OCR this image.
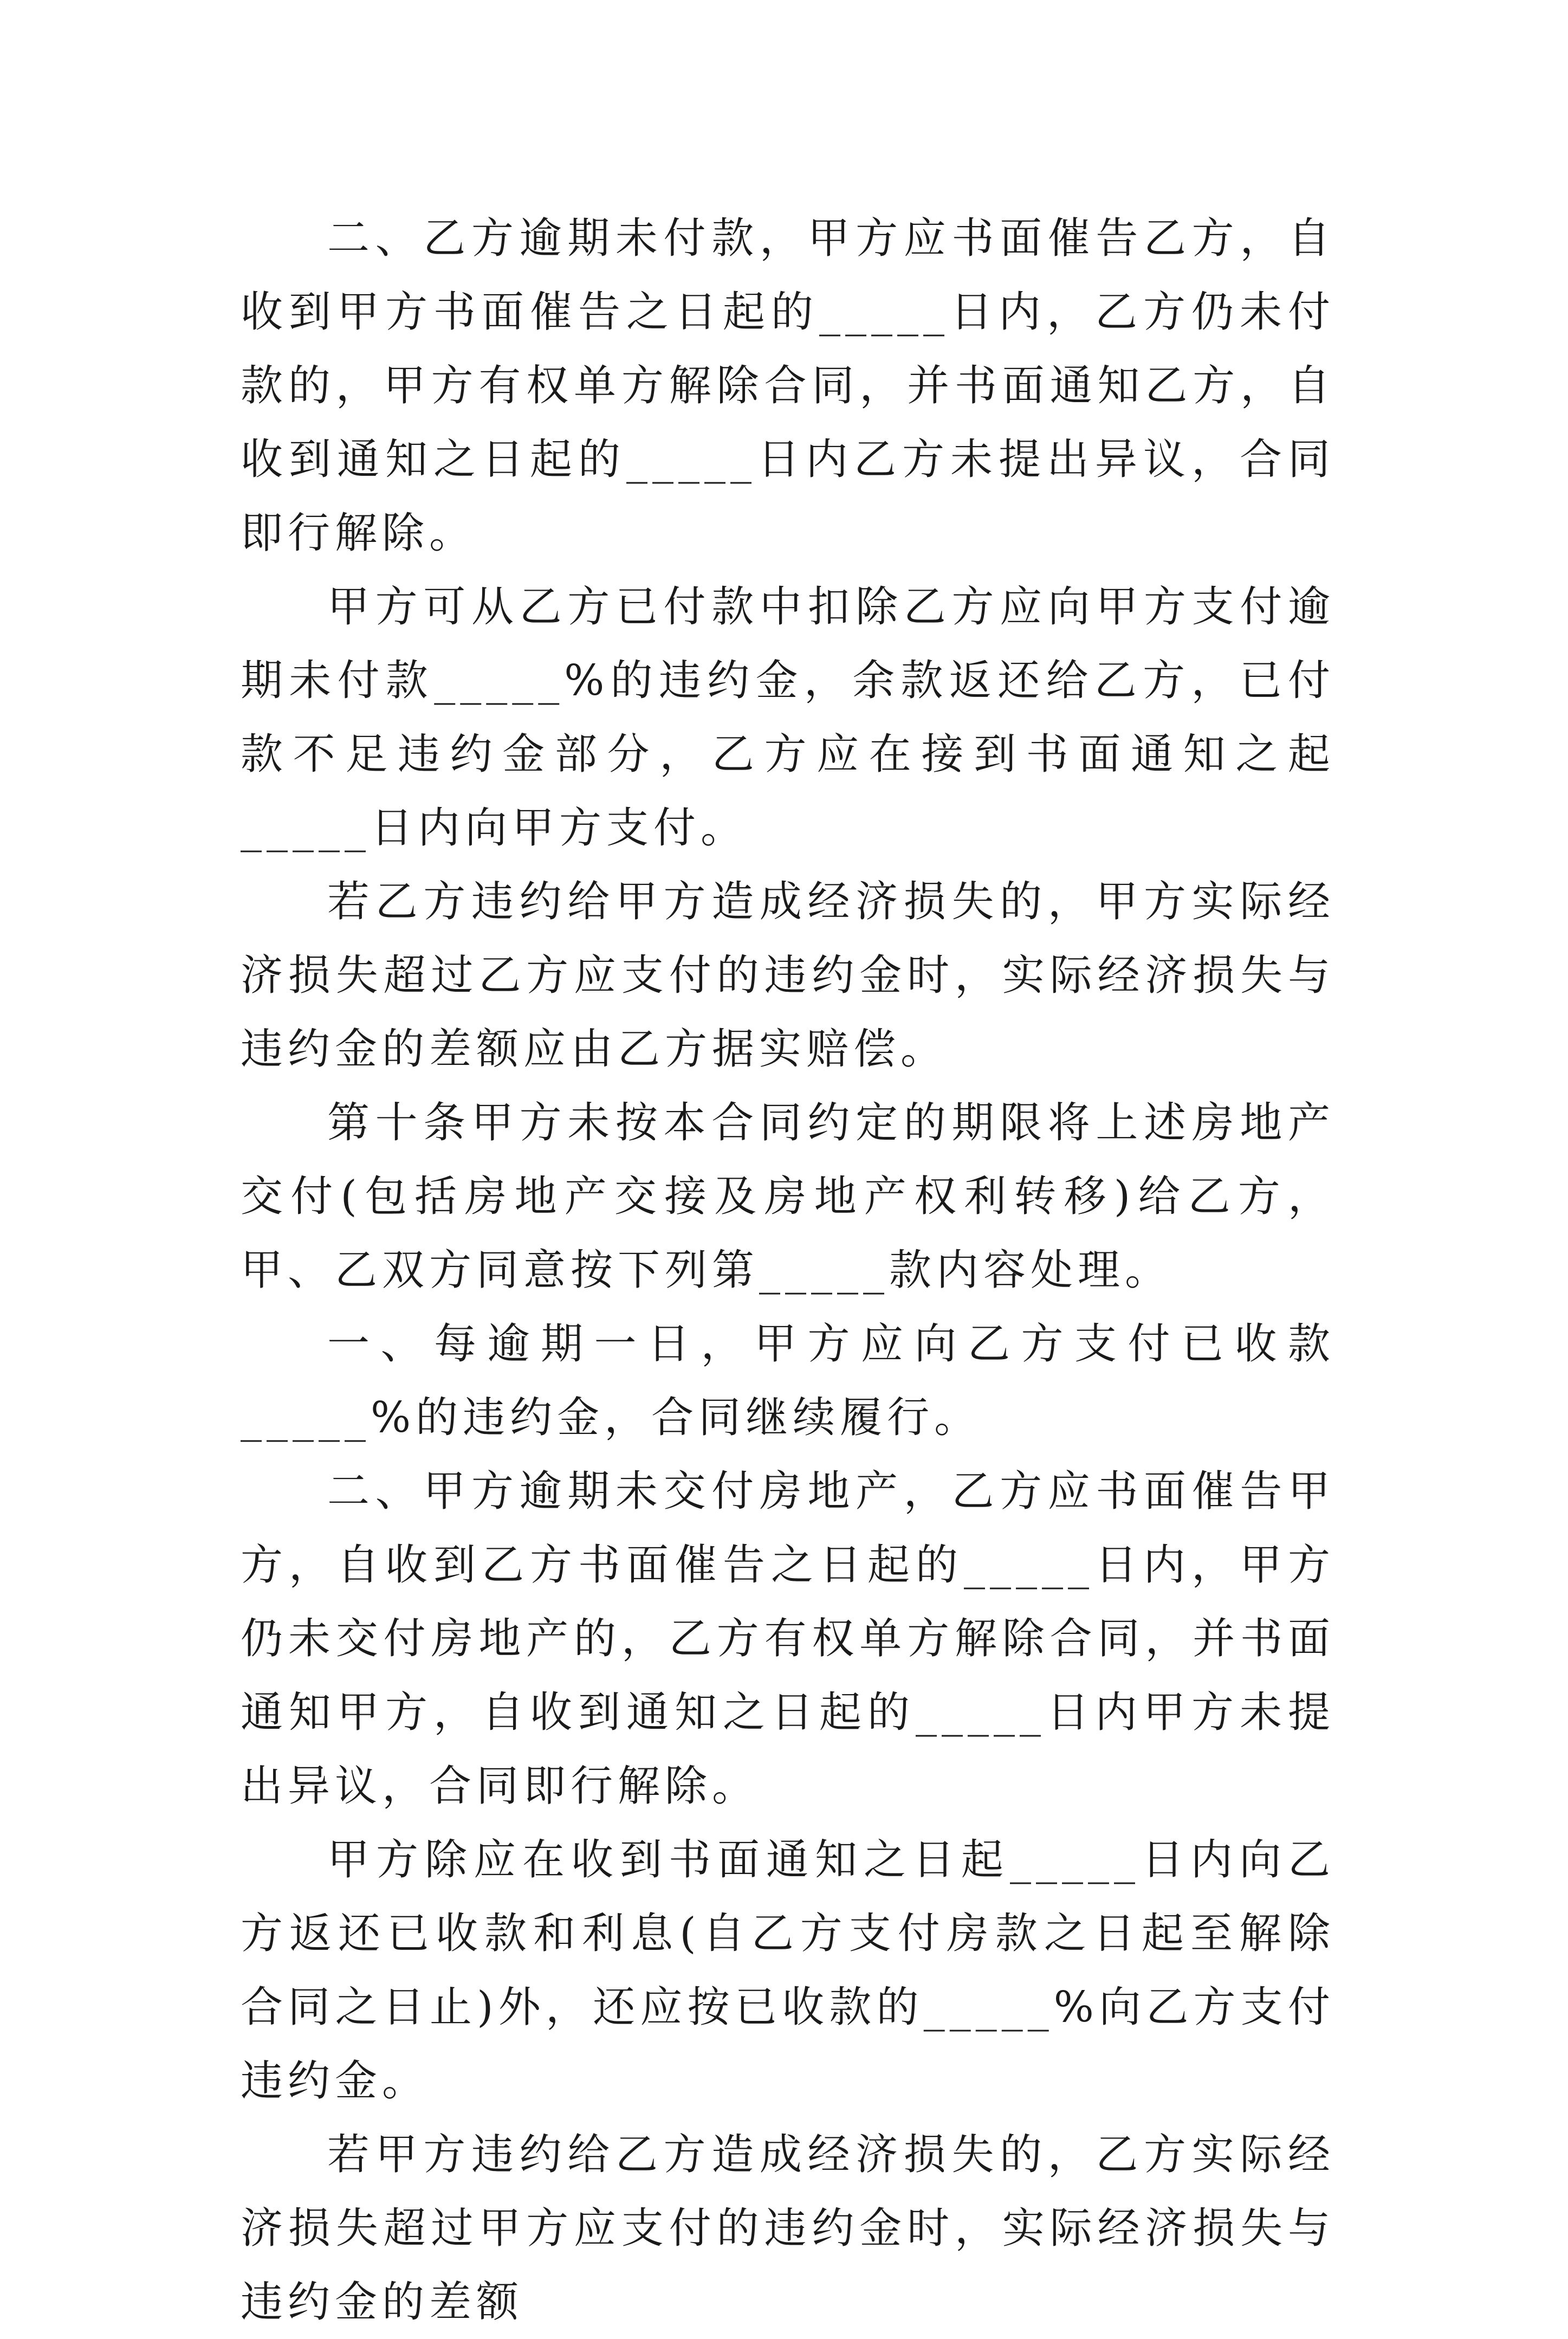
二、乙方逾期未付款，甲方应书面催告乙方，自收到甲方书面催告之日起的_____日内，乙方仍未付款的，甲方有权单方解除合同，并书面通知乙方，自收到通知之日起的_____日内乙方未提出异议，合同即行解除。

甲方可从乙方已付款中扣除乙方应向甲方支付逾期未付款_____%的违约金，余款返还给乙方，已付款不足违约金部分，乙方应在接到书面通知之起_____日内向甲方支付。

若乙方违约给甲方造成经济损失的，甲方实际经济损失超过乙方应支付的违约金时，实际经济损失与违约金的差额应由乙方据实赔偿。

第十条甲方未按本合同约定的期限将上述房地产交付(包括房地产交接及房地产权利转移)给乙方，甲、乙双方同意按下列第_____款内容处理。

一、每逾期一日，甲方应向乙方支付已收款_____%的违约金，合同继续履行。

二、甲方逾期未交付房地产，乙方应书面催告甲方，自收到乙方书面催告之日起的_____日内，甲方仍未交付房地产的，乙方有权单方解除合同，并书面通知甲方，自收到通知之日起的_____日内甲方未提出异议，合同即行解除。

甲方除应在收到书面通知之日起_____日内向乙方返还已收款和利息(自乙方支付房款之日起至解除合同之日止)外，还应按已收款的_____%向乙方支付违约金。

若甲方违约给乙方造成经济损失的，乙方实际经济损失超过甲方应支付的违约金时，实际经济损失与违约金的差额
